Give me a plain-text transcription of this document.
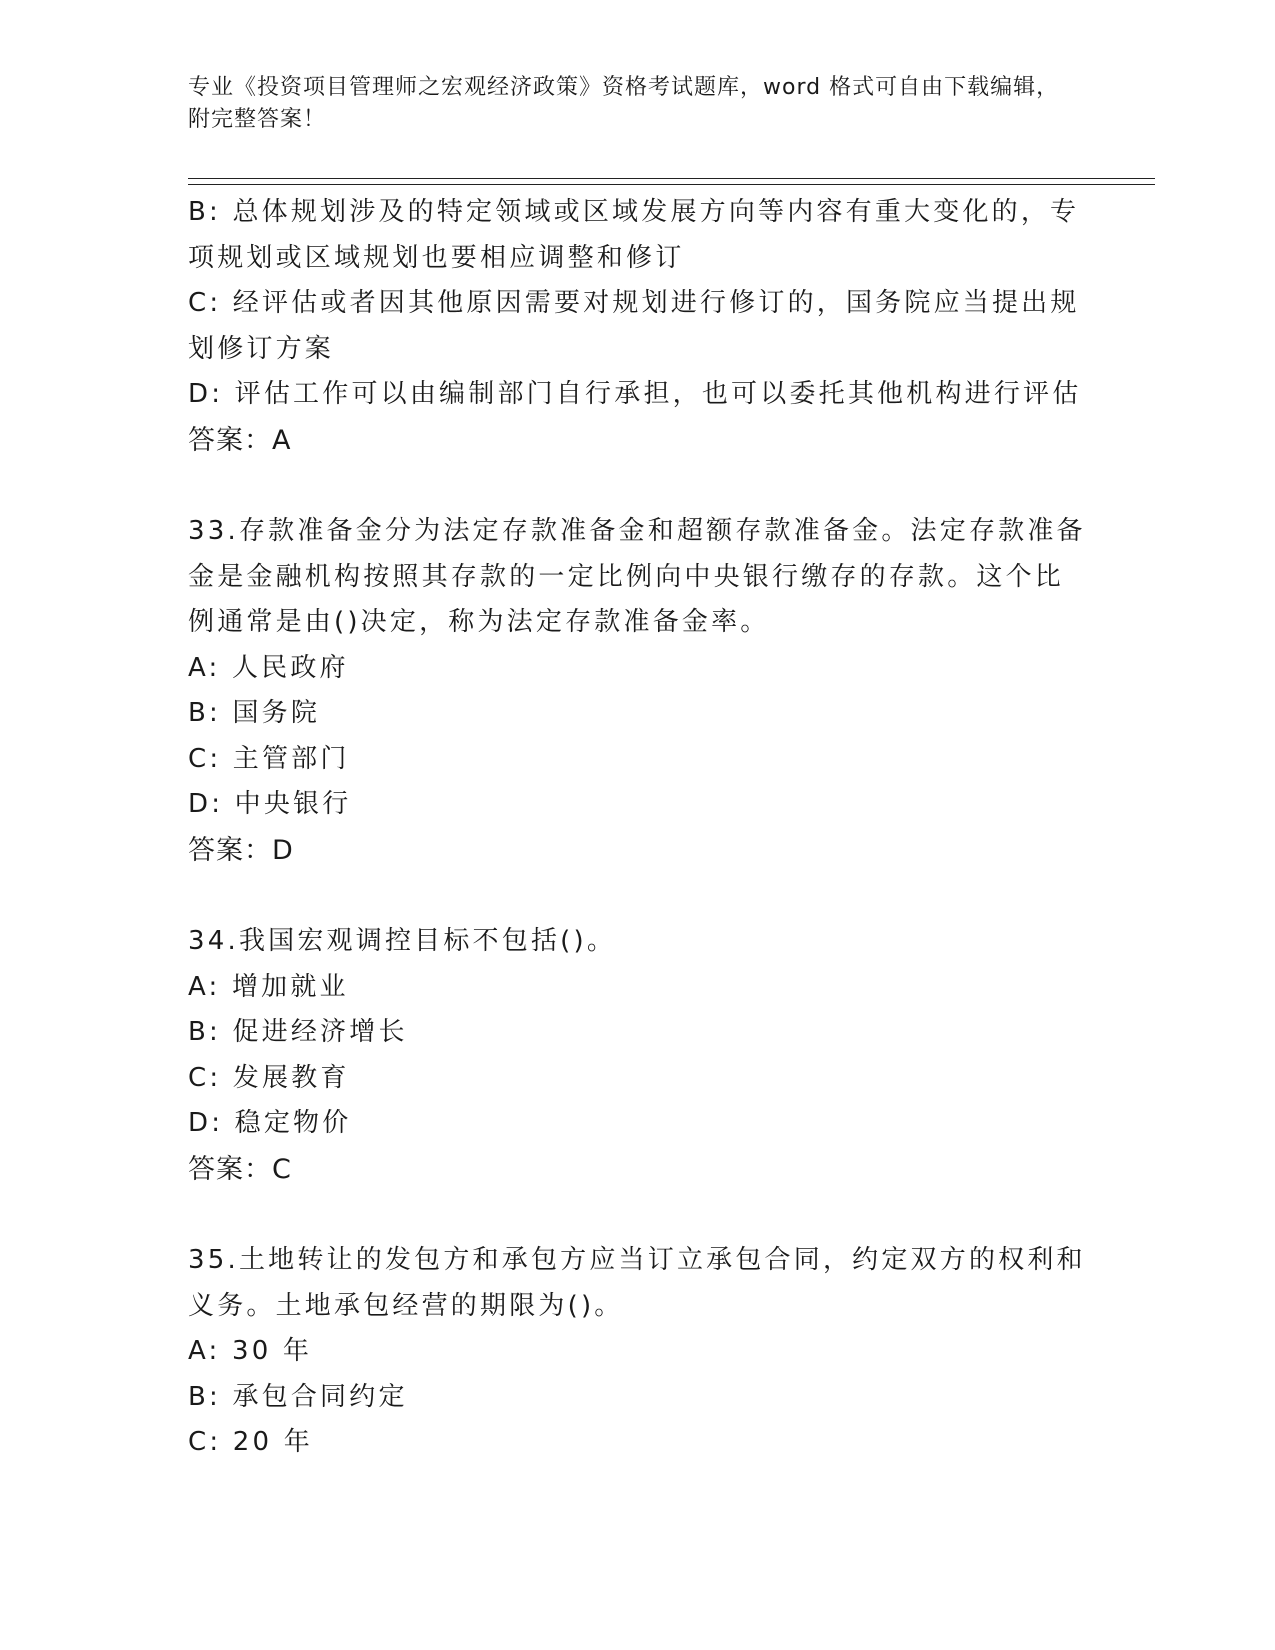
专业《投资项目管理师之宏观经济政策》资格考试题库，word 格式可自由下载编辑，附完整答案！
B: 总体规划涉及的特定领域或区域发展方向等内容有重大变化的，专
项规划或区域规划也要相应调整和修订
C: 经评估或者因其他原因需要对规划进行修订的，国务院应当提出规
划修订方案
D: 评估工作可以由编制部门自行承担，也可以委托其他机构进行评估
答案：A
33.存款准备金分为法定存款准备金和超额存款准备金。法定存款准备
金是金融机构按照其存款的一定比例向中央银行缴存的存款。这个比
例通常是由()决定，称为法定存款准备金率。
A: 人民政府
B: 国务院
C: 主管部门
D: 中央银行
答案：D
34.我国宏观调控目标不包括()。
A: 增加就业
B: 促进经济增长
C: 发展教育
D: 稳定物价
答案：C
35.土地转让的发包方和承包方应当订立承包合同，约定双方的权利和
义务。土地承包经营的期限为()。
A: 30 年
B: 承包合同约定
C: 20 年
